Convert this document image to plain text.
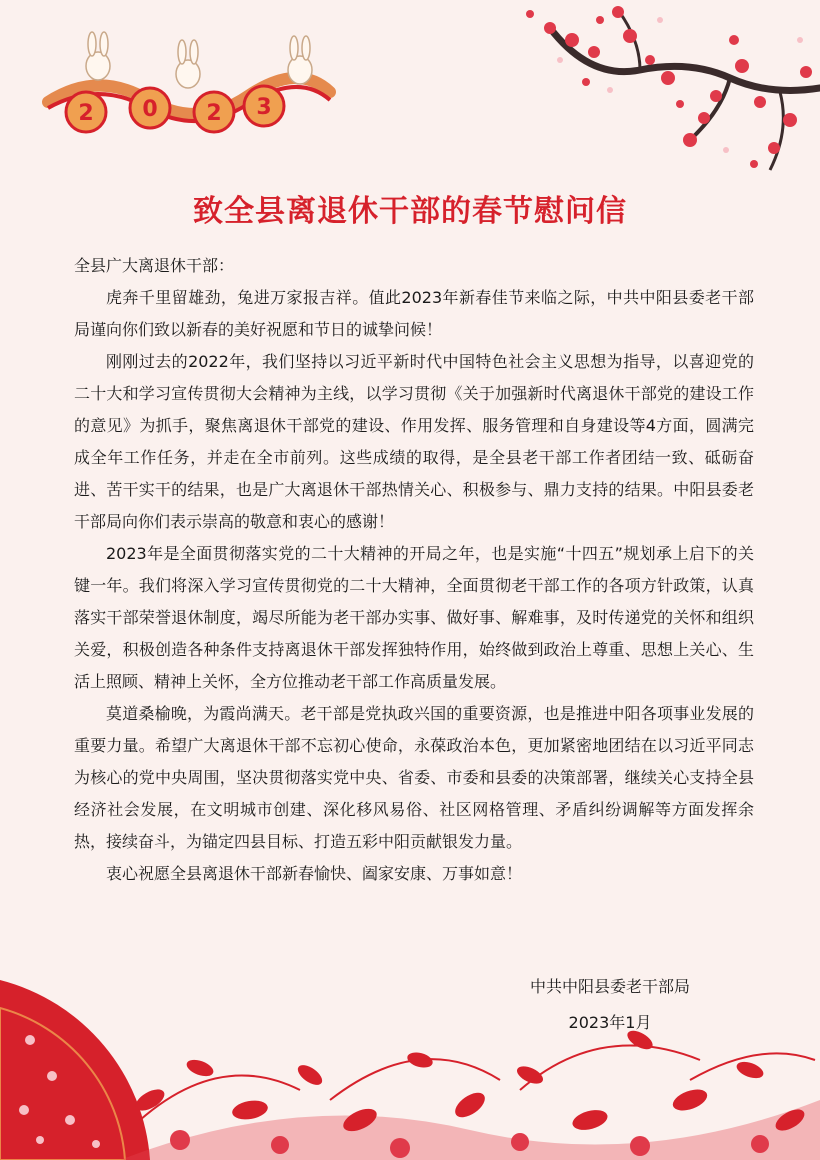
2 0 2 3
致全县离退休干部的春节慰问信

全县广大离退休干部：

虎奔千里留雄劲，兔进万家报吉祥。值此2023年新春佳节来临之际，中共中阳县委老干部局谨向你们致以新春的美好祝愿和节日的诚挚问候！

刚刚过去的2022年，我们坚持以习近平新时代中国特色社会主义思想为指导，以喜迎党的二十大和学习宣传贯彻大会精神为主线，以学习贯彻《关于加强新时代离退休干部党的建设工作的意见》为抓手，聚焦离退休干部党的建设、作用发挥、服务管理和自身建设等4方面，圆满完成全年工作任务，并走在全市前列。这些成绩的取得，是全县老干部工作者团结一致、砥砺奋进、苦干实干的结果，也是广大离退休干部热情关心、积极参与、鼎力支持的结果。中阳县委老干部局向你们表示崇高的敬意和衷心的感谢！

2023年是全面贯彻落实党的二十大精神的开局之年，也是实施“十四五”规划承上启下的关键一年。我们将深入学习宣传贯彻党的二十大精神，全面贯彻老干部工作的各项方针政策，认真落实干部荣誉退休制度，竭尽所能为老干部办实事、做好事、解难事，及时传递党的关怀和组织关爱，积极创造各种条件支持离退休干部发挥独特作用，始终做到政治上尊重、思想上关心、生活上照顾、精神上关怀，全方位推动老干部工作高质量发展。

莫道桑榆晚，为霞尚满天。老干部是党执政兴国的重要资源，也是推进中阳各项事业发展的重要力量。希望广大离退休干部不忘初心使命，永葆政治本色，更加紧密地团结在以习近平同志为核心的党中央周围，坚决贯彻落实党中央、省委、市委和县委的决策部署，继续关心支持全县经济社会发展，在文明城市创建、深化移风易俗、社区网格管理、矛盾纠纷调解等方面发挥余热，接续奋斗，为锚定四县目标、打造五彩中阳贡献银发力量。

衷心祝愿全县离退休干部新春愉快、阖家安康、万事如意！

中共中阳县委老干部局
2023年1月
